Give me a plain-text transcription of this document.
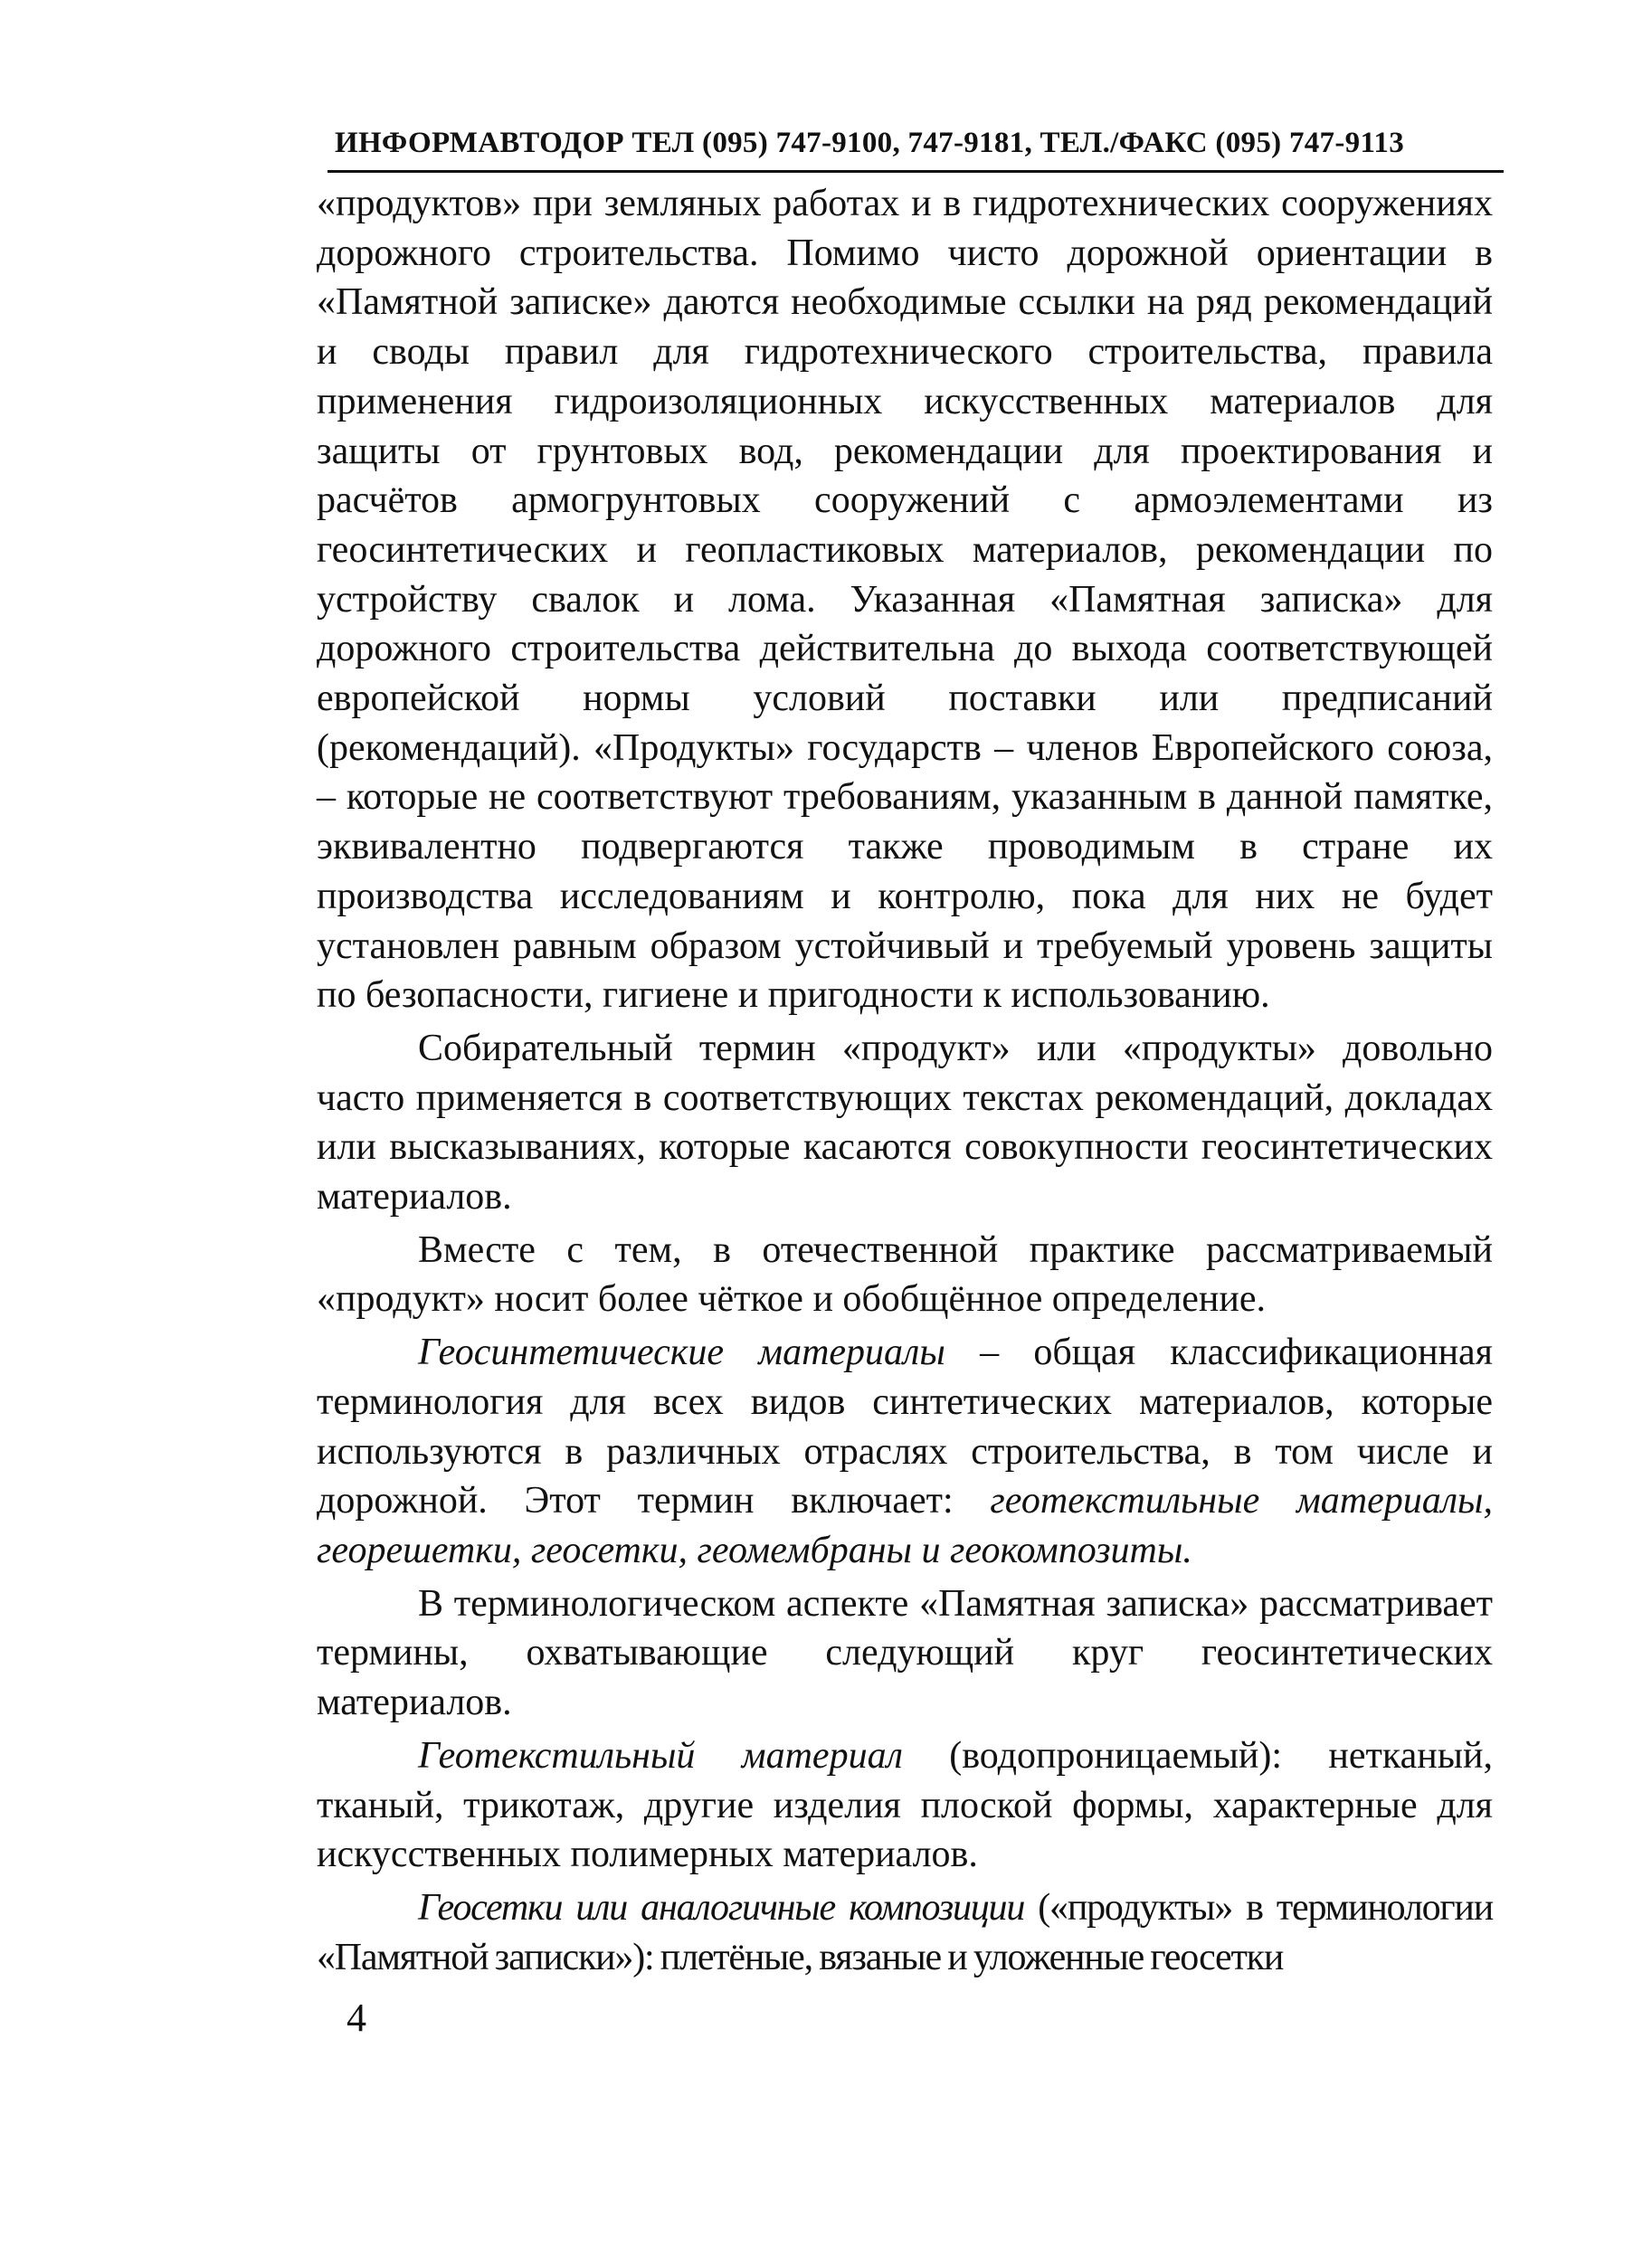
ИНФОРМАВТОДОР ТЕЛ (095) 747-9100, 747-9181, ТЕЛ./ФАКС (095) 747-9113

«продуктов» при земляных работах и в гидротехнических сооружениях дорожного строительства. Помимо чисто дорожной ориентации в «Памятной записке» даются необходимые ссылки на ряд рекомендаций и своды правил для гидротехнического строительства, правила применения гидроизоляционных искусственных материалов для защиты от грунтовых вод, рекомендации для проектирования и расчётов армогрунтовых сооружений с армоэлементами из геосинтетических и геопластиковых материалов, рекомендации по устройству свалок и лома. Указанная «Памятная записка» для дорожного строительства действительна до выхода соответствующей европейской нормы условий поставки или предписаний (рекомендаций). «Продукты» государств – членов Европейского союза, – которые не соответствуют требованиям, указанным в данной памятке, эквивалентно подвергаются также проводимым в стране их производства исследованиям и контролю, пока для них не будет установлен равным образом устойчивый и требуемый уровень защиты по безопасности, гигиене и пригодности к использованию.

Собирательный термин «продукт» или «продукты» довольно часто применяется в соответствующих текстах рекомендаций, докладах или высказываниях, которые касаются совокупности геосинтетических материалов.

Вместе с тем, в отечественной практике рассматриваемый «продукт» носит более чёткое и обобщённое определение.

Геосинтетические материалы – общая классификационная терминология для всех видов синтетических материалов, которые используются в различных отраслях строительства, в том числе и дорожной. Этот термин включает: геотекстильные материалы, георешетки, геосетки, геомембраны и геокомпозиты.

В терминологическом аспекте «Памятная записка» рассматривает термины, охватывающие следующий круг геосинтетических материалов.

Геотекстильный материал (водопроницаемый): нетканый, тканый, трикотаж, другие изделия плоской формы, характерные для искусственных полимерных материалов.

Геосетки или аналогичные композиции («продукты» в терминологии «Памятной записки»): плетёные, вязаные и уложенные геосетки

4
